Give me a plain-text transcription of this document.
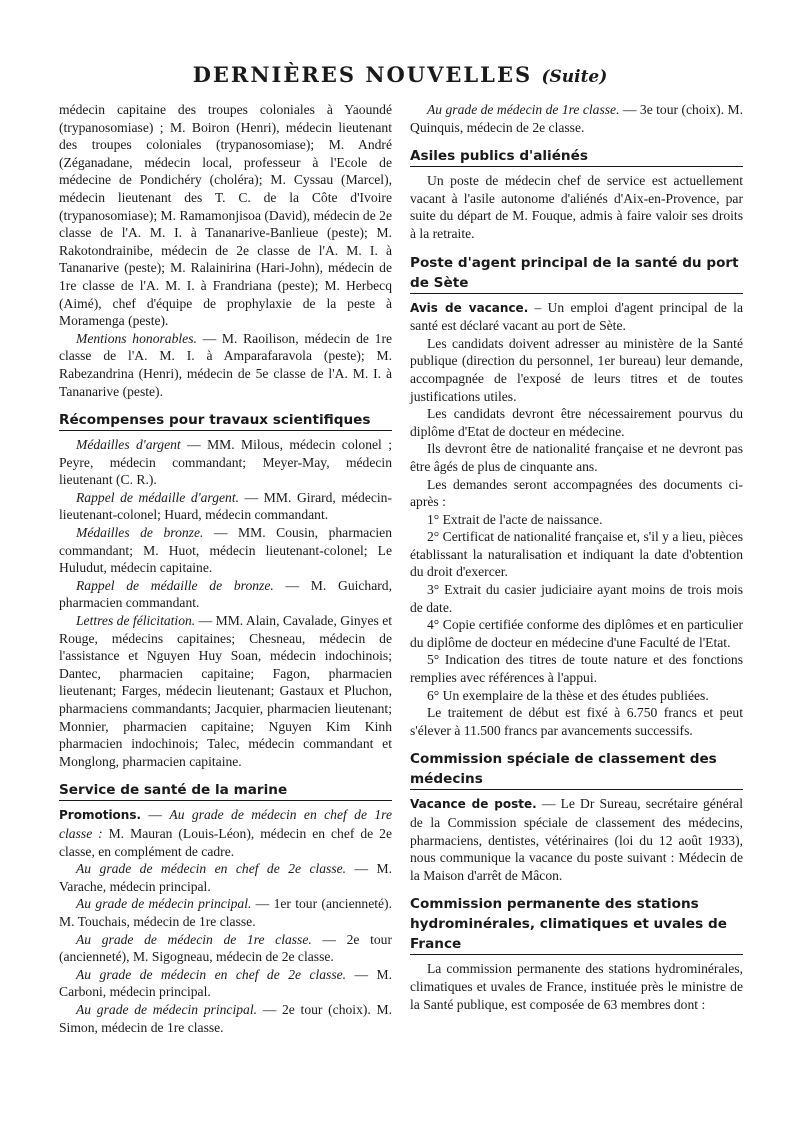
DERNIÈRES NOUVELLES (Suite)

médecin capitaine des troupes coloniales à Yaoundé (trypanosomiase) ; M. Boiron (Henri), médecin lieutenant des troupes coloniales (trypanosomiase); M. André (Zéganadane, médecin local, professeur à l'Ecole de médecine de Pondichéry (choléra); M. Cyssau (Marcel), médecin lieutenant des T. C. de la Côte d'Ivoire (trypanosomiase); M. Ramamonjisoa (David), médecin de 2e classe de l'A. M. I. à Tananarive-Banlieue (peste); M. Rakotondrainibe, médecin de 2e classe de l'A. M. I. à Tananarive (peste); M. Ralainirina (Hari-John), médecin de 1re classe de l'A. M. I. à Frandriana (peste); M. Herbecq (Aimé), chef d'équipe de prophylaxie de la peste à Moramenga (peste).

Mentions honorables. — M. Raoilison, médecin de 1re classe de l'A. M. I. à Amparafaravola (peste); M. Rabezandrina (Henri), médecin de 5e classe de l'A. M. I. à Tananarive (peste).

Récompenses pour travaux scientifiques

Médailles d'argent — MM. Milous, médecin colonel ; Peyre, médecin commandant; Meyer-May, médecin lieutenant (C. R.).

Rappel de médaille d'argent. — MM. Girard, médecin-lieutenant-colonel; Huard, médecin commandant.

Médailles de bronze. — MM. Cousin, pharmacien commandant; M. Huot, médecin lieutenant-colonel; Le Huludut, médecin capitaine.

Rappel de médaille de bronze. — M. Guichard, pharmacien commandant.

Lettres de félicitation. — MM. Alain, Cavalade, Ginyes et Rouge, médecins capitaines; Chesneau, médecin de l'assistance et Nguyen Huy Soan, médecin indochinois; Dantec, pharmacien capitaine; Fagon, pharmacien lieutenant; Farges, médecin lieutenant; Gastaux et Pluchon, pharmaciens commandants; Jacquier, pharmacien lieutenant; Monnier, pharmacien capitaine; Nguyen Kim Kinh pharmacien indochinois; Talec, médecin commandant et Monglong, pharmacien capitaine.

Service de santé de la marine

Promotions. — Au grade de médecin en chef de 1re classe : M. Mauran (Louis-Léon), médecin en chef de 2e classe, en complément de cadre.

Au grade de médecin en chef de 2e classe. — M. Varache, médecin principal.

Au grade de médecin principal. — 1er tour (ancienneté). M. Touchais, médecin de 1re classe.

Au grade de médecin de 1re classe. — 2e tour (ancienneté), M. Sigogneau, médecin de 2e classe.

Au grade de médecin en chef de 2e classe. — M. Carboni, médecin principal.

Au grade de médecin principal. — 2e tour (choix). M. Simon, médecin de 1re classe.

Au grade de médecin de 1re classe. — 3e tour (choix). M. Quinquis, médecin de 2e classe.

Asiles publics d'aliénés

Un poste de médecin chef de service est actuellement vacant à l'asile autonome d'aliénés d'Aix-en-Provence, par suite du départ de M. Fouque, admis à faire valoir ses droits à la retraite.

Poste d'agent principal de la santé du port de Sète

Avis de vacance. – Un emploi d'agent principal de la santé est déclaré vacant au port de Sète.

Les candidats doivent adresser au ministère de la Santé publique (direction du personnel, 1er bureau) leur demande, accompagnée de l'exposé de leurs titres et de toutes justifications utiles.

Les candidats devront être nécessairement pourvus du diplôme d'Etat de docteur en médecine.

Ils devront être de nationalité française et ne devront pas être âgés de plus de cinquante ans.

Les demandes seront accompagnées des documents ci-après :

1° Extrait de l'acte de naissance.

2° Certificat de nationalité française et, s'il y a lieu, pièces établissant la naturalisation et indiquant la date d'obtention du droit d'exercer.

3° Extrait du casier judiciaire ayant moins de trois mois de date.

4° Copie certifiée conforme des diplômes et en particulier du diplôme de docteur en médecine d'une Faculté de l'Etat.

5° Indication des titres de toute nature et des fonctions remplies avec références à l'appui.

6° Un exemplaire de la thèse et des études publiées.

Le traitement de début est fixé à 6.750 francs et peut s'élever à 11.500 francs par avancements successifs.

Commission spéciale de classement des médecins

Vacance de poste. — Le Dr Sureau, secrétaire général de la Commission spéciale de classement des médecins, pharmaciens, dentistes, vétérinaires (loi du 12 août 1933), nous communique la vacance du poste suivant : Médecin de la Maison d'arrêt de Mâcon.

Commission permanente des stations hydrominérales, climatiques et uvales de France

La commission permanente des stations hydrominérales, climatiques et uvales de France, instituée près le ministre de la Santé publique, est composée de 63 membres dont :
